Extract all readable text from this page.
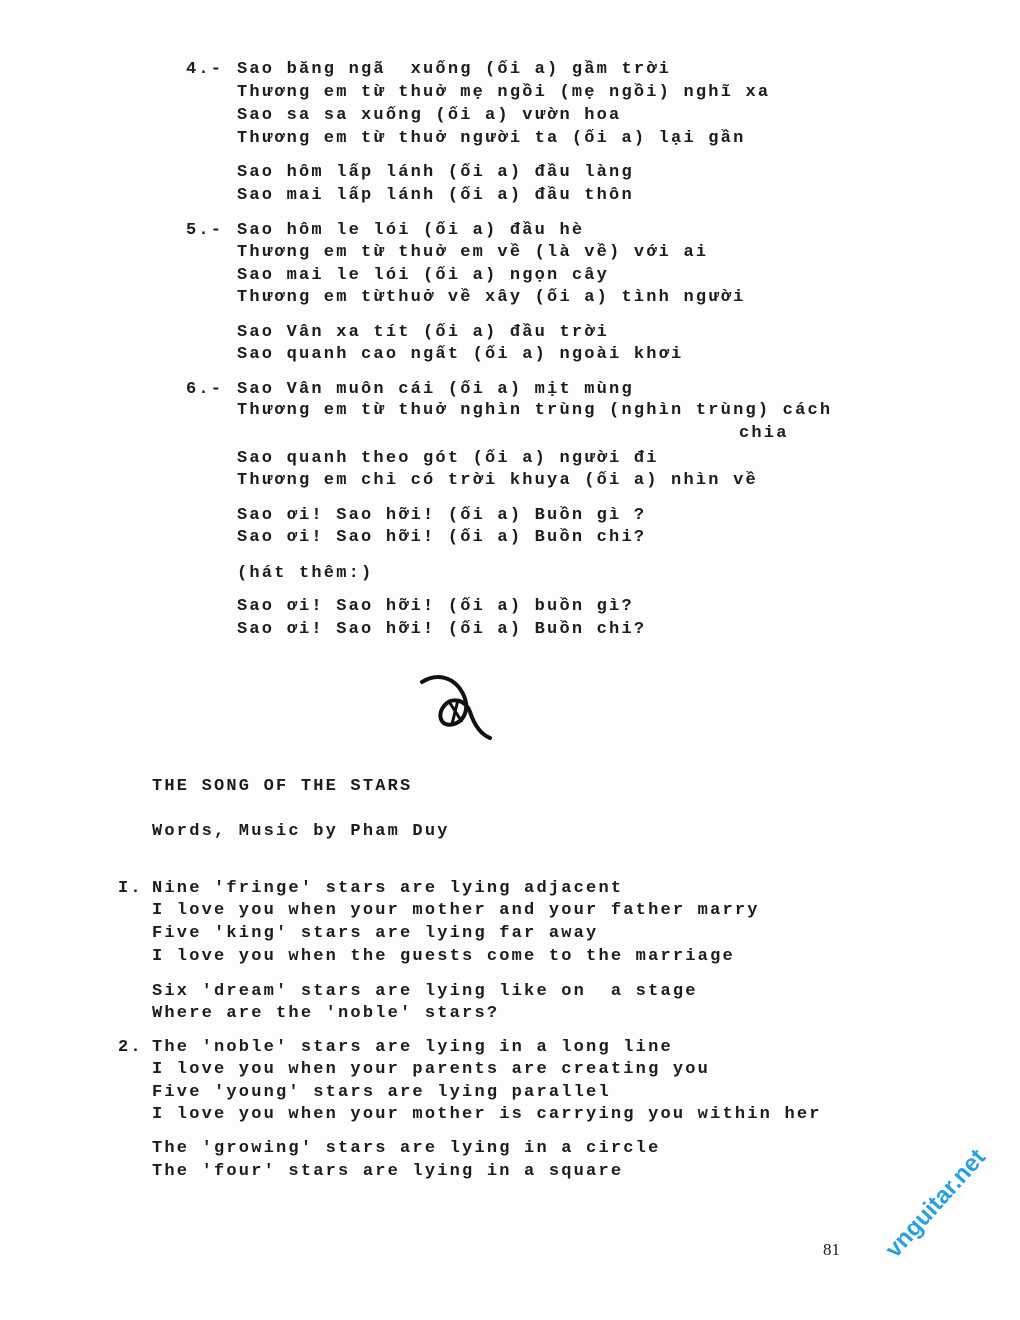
4.- Sao băng ngã  xuống (ối a) gầm trời
Thương em từ thuở mẹ ngồi (mẹ ngồi) nghĩ xa
Sao sa sa xuống (ối a) vườn hoa
Thương em từ thuở người ta (ối a) lại gần
Sao hôm lấp lánh (ối a) đầu làng
Sao mai lấp lánh (ối a) đầu thôn
5.- Sao hôm le lói (ối a) đầu hè
Thương em từ thuở em về (là về) với ai
Sao mai le lói (ối a) ngọn cây
Thương em từthuở về xây (ối a) tình người
Sao Vân xa tít (ối a) đầu trời
Sao quanh cao ngất (ối a) ngoài khơi
6.- Sao Vân muôn cái (ối a) mịt mùng
Thương em từ thuở nghìn trùng (nghìn trùng) cách
chia
Sao quanh theo gót (ối a) người đi
Thương em chỉ có trời khuya (ối a) nhìn về
Sao ơi! Sao hỡi! (ối a) Buồn gì ?
Sao ơi! Sao hỡi! (ối a) Buồn chi?
(hát thêm:)
Sao ơi! Sao hỡi! (ối a) buồn gì?
Sao ơi! Sao hỡi! (ối a) Buồn chi?
THE SONG OF THE STARS
Words, Music by Pham Duy
I. Nine 'fringe' stars are lying adjacent
I love you when your mother and your father marry
Five 'king' stars are lying far away
I love you when the guests come to the marriage
Six 'dream' stars are lying like on  a stage
Where are the 'noble' stars?
2. The 'noble' stars are lying in a long line
I love you when your parents are creating you
Five 'young' stars are lying parallel
I love you when your mother is carrying you within her
The 'growing' stars are lying in a circle
The 'four' stars are lying in a square
81 vnguitar.net
